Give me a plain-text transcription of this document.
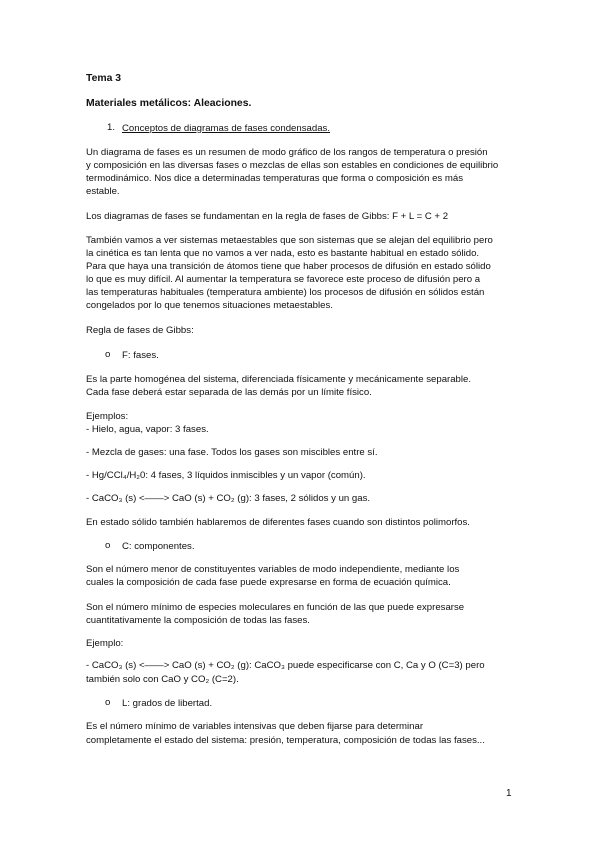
Tema 3
Materiales metálicos: Aleaciones.
1. Conceptos de diagramas de fases condensadas.
Un diagrama de fases es un resumen de modo gráfico de los rangos de temperatura o presión
y composición en las diversas fases o mezclas de ellas son estables en condiciones de equilibrio
termodinámico. Nos dice a determinadas temperaturas que forma o composición es más
estable.
Los diagramas de fases se fundamentan en la regla de fases de Gibbs: F + L = C + 2
También vamos a ver sistemas metaestables que son sistemas que se alejan del equilibrio pero
la cinética es tan lenta que no vamos a ver nada, esto es bastante habitual en estado sólido.
Para que haya una transición de átomos tiene que haber procesos de difusión en estado sólido
lo que es muy difícil. Al aumentar la temperatura se favorece este proceso de difusión pero a
las temperaturas habituales (temperatura ambiente) los procesos de difusión en sólidos están
congelados por lo que tenemos situaciones metaestables.
Regla de fases de Gibbs:
o F: fases.
Es la parte homogénea del sistema, diferenciada físicamente y mecánicamente separable.
Cada fase deberá estar separada de las demás por un límite físico.
Ejemplos:
- Hielo, agua, vapor: 3 fases.
- Mezcla de gases: una fase. Todos los gases son miscibles entre sí.
- Hg/CCl₄/H₂0: 4 fases, 3 líquidos inmiscibles y un vapor (común).
- CaCO₃ (s) <——> CaO (s) + CO₂ (g): 3 fases, 2 sólidos y un gas.
En estado sólido también hablaremos de diferentes fases cuando son distintos polimorfos.
o C: componentes.
Son el número menor de constituyentes variables de modo independiente, mediante los
cuales la composición de cada fase puede expresarse en forma de ecuación química.
Son el número mínimo de especies moleculares en función de las que puede expresarse
cuantitativamente la composición de todas las fases.
Ejemplo:
- CaCO₃ (s) <——> CaO (s) + CO₂ (g): CaCO₃ puede especificarse con C, Ca y O (C=3) pero
también solo con CaO y CO₂ (C=2).
o L: grados de libertad.
Es el número mínimo de variables intensivas que deben fijarse para determinar
completamente el estado del sistema: presión, temperatura, composición de todas las fases...
1
